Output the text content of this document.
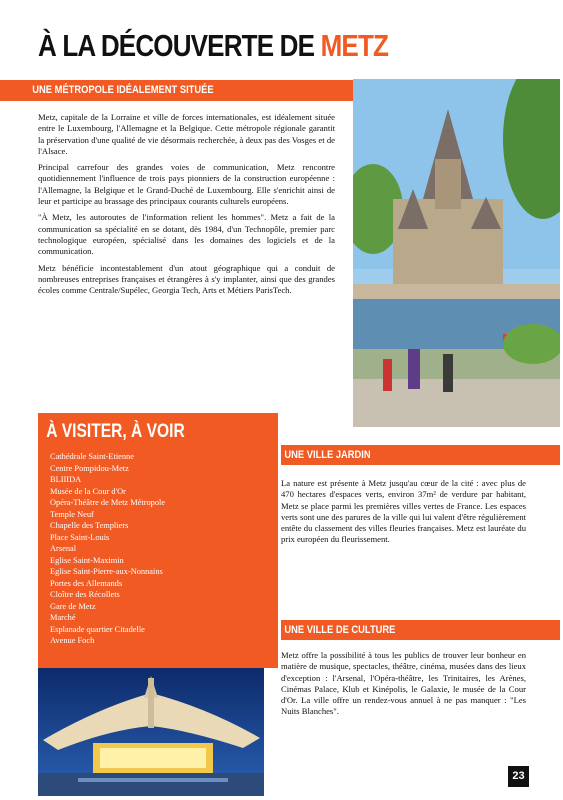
À LA DÉCOUVERTE DE METZ
UNE MÉTROPOLE IDÉALEMENT SITUÉE

Metz, capitale de la Lorraine et ville de forces internationales, est idéalement située entre le Luxembourg, l'Allemagne et la Belgique. Cette métropole régionale garantit la préservation d'une qualité de vie désormais recherchée, à deux pas des Vosges et de l'Alsace.

Principal carrefour des grandes voies de communication, Metz rencontre quotidiennement l'influence de trois pays pionniers de la construction européenne : l'Allemagne, la Belgique et le Grand-Duché de Luxembourg. Elle s'enrichit ainsi de leur et participe au brassage des principaux courants culturels européens.

"À Metz, les autoroutes de l'information relient les hommes". Metz a fait de la communication sa spécialité en se dotant, dès 1984, d'un Technopôle, premier parc technologique européen, spécialisé dans les domaines des logiciels et de la communication.

Metz bénéficie incontestablement d'un atout géographique qui a conduit de nombreuses entreprises françaises et étrangères à s'y implanter, ainsi que des grandes écoles comme Centrale/Supélec, Georgia Tech, Arts et Métiers ParisTech.

À VISITER, À VOIR
Cathédrale Saint-Etienne
Centre Pompidou-Metz
BLIIIDA
Musée de la Cour d'Or
Opéra-Théâtre de Metz Métropole
Temple Neuf
Chapelle des Templiers
Place Saint-Louis
Arsenal
Eglise Saint-Maximin
Eglise Saint-Pierre-aux-Nonnains
Portes des Allemands
Cloître des Récollets
Gare de Metz
Marché
Esplanade quartier Citadelle
Avenue Foch
UNE VILLE JARDIN

La nature est présente à Metz jusqu'au cœur de la cité : avec plus de 470 hectares d'espaces verts, environ 37m² de verdure par habitant, Metz se place parmi les premières villes vertes de France. Les espaces verts sont une des parures de la ville qui lui valent d'être régulièrement entête du classement des villes fleuries françaises. Metz est lauréate du prix européen du fleurissement.

UNE VILLE DE CULTURE

Metz offre la possibilité à tous les publics de trouver leur bonheur en matière de musique, spectacles, théâtre, cinéma, musées dans des lieux d'exception : l'Arsenal, l'Opéra-théâtre, les Trinitaires, les Arènes, Cinémas Palace, Klub et Kinépolis, le Galaxie, le musée de la Cour d'Or. La ville offre un rendez-vous annuel à ne pas manquer : "Les Nuits Blanches".

23
